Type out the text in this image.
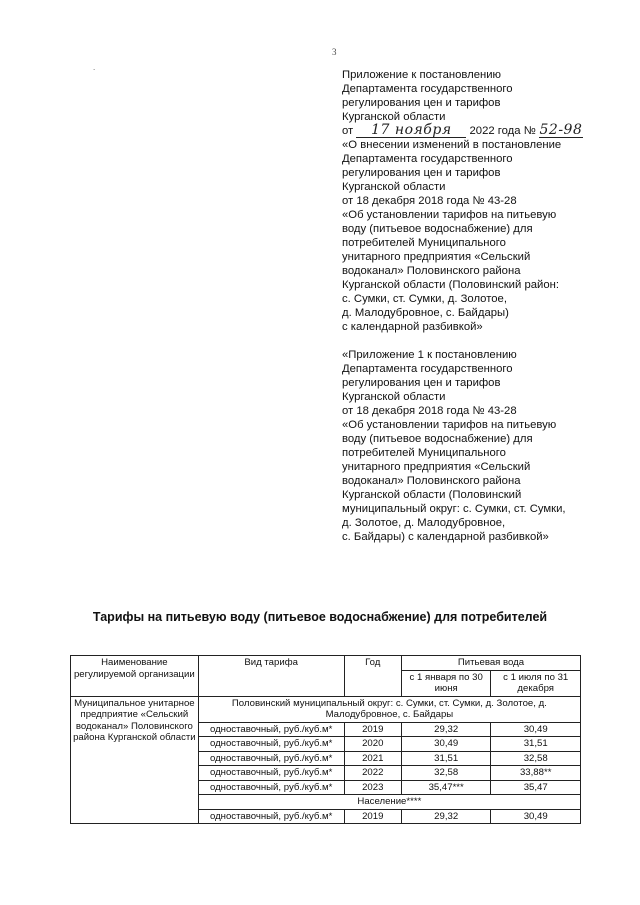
3
.

Приложение к постановлению

Департамента государственного

регулирования цен и тарифов

Курганской области

от 17 ноября 2022 года № 52-98

«О внесении изменений в постановление

Департамента государственного

регулирования цен и тарифов

Курганской области

от 18 декабря 2018 года № 43-28

«Об установлении тарифов на питьевую

воду (питьевое водоснабжение) для

потребителей Муниципального

унитарного предприятия «Сельский

водоканал» Половинского района

Курганской области (Половинский район:

с. Сумки, ст. Сумки, д. Золотое,

д. Малодубровное, с. Байдары)

с календарной разбивкой»

«Приложение 1 к постановлению

Департамента государственного

регулирования цен и тарифов

Курганской области

от 18 декабря 2018 года № 43-28

«Об установлении тарифов на питьевую

воду (питьевое водоснабжение) для

потребителей Муниципального

унитарного предприятия «Сельский

водоканал» Половинского района

Курганской области (Половинский

муниципальный округ: с. Сумки, ст. Сумки,

д. Золотое, д. Малодубровное,

с. Байдары) с календарной разбивкой»

Тарифы на питьевую воду (питьевое водоснабжение) для потребителей
Наименование регулируемой организации	Вид тарифа	Год	Питьевая вода	
			с 1 января по 30 июня	с 1 июля по 31 декабря
Муниципальное унитарное предприятие «Сельский водоканал» Половинского района Курганской области	Половинский муниципальный округ: с. Сумки, ст. Сумки, д. Золотое, д. Малодубровное, с. Байдары			
	одноставочный, руб./куб.м*	2019	29,32	30,49
	одноставочный, руб./куб.м*	2020	30,49	31,51
	одноставочный, руб./куб.м*	2021	31,51	32,58
	одноставочный, руб./куб.м*	2022	32,58	33,88**
	одноставочный, руб./куб.м*	2023	35,47***	35,47
	Население****			
	одноставочный, руб./куб.м*	2019	29,32	30,49
